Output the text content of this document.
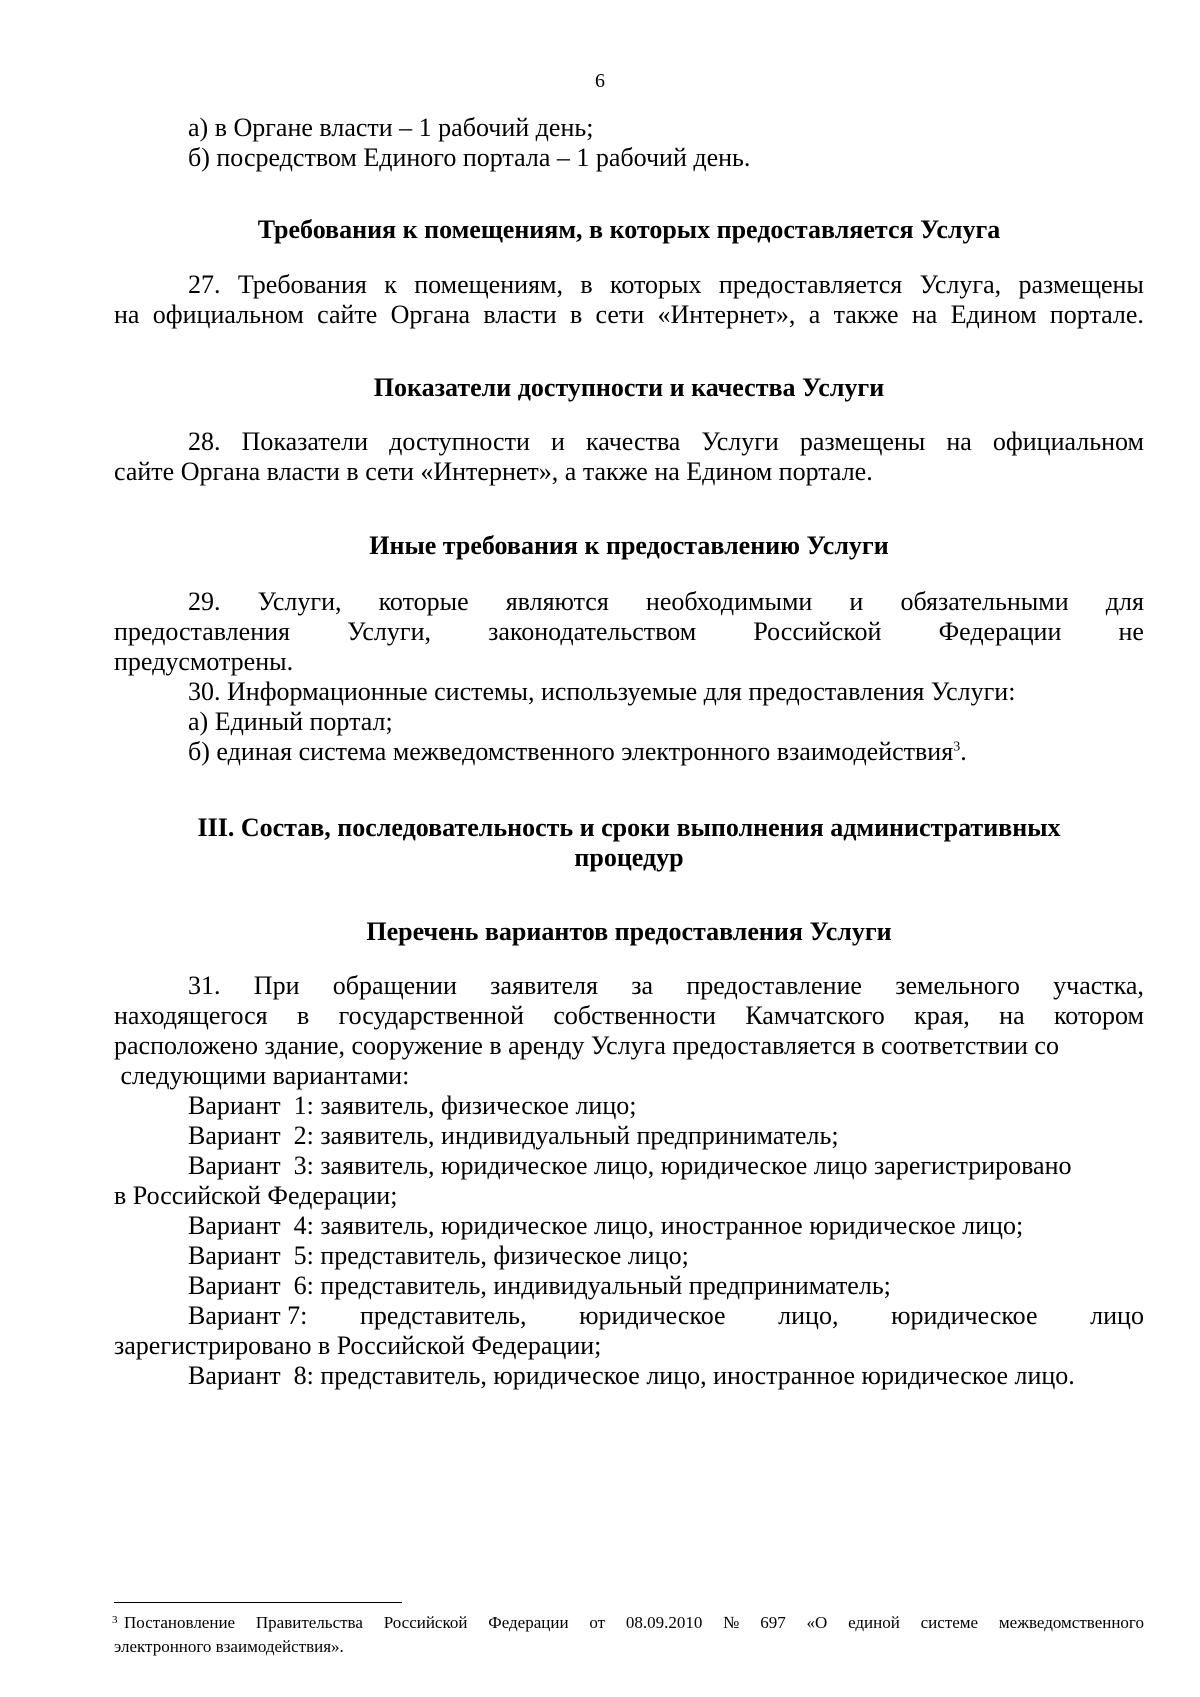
6
а) в Органе власти – 1 рабочий день;
б) посредством Единого портала – 1 рабочий день.
Требования к помещениям, в которых предоставляется Услуга
27. Требования к помещениям, в которых предоставляется Услуга, размещены
на официальном сайте Органа власти в сети «Интернет», а также на Едином портале.
Показатели доступности и качества Услуги
28. Показатели доступности и качества Услуги размещены на официальном
сайте Органа власти в сети «Интернет», а также на Едином портале.
Иные требования к предоставлению Услуги
29. Услуги, которые являются необходимыми и обязательными для
предоставления Услуги, законодательством Российской Федерации не
предусмотрены.
30. Информационные системы, используемые для предоставления Услуги:
а) Единый портал;
б) единая система межведомственного электронного взаимодействия$^3$.
III. Состав, последовательность и сроки выполнения административных
процедур
Перечень вариантов предоставления Услуги
31. При обращении заявителя за предоставление земельного участка,
находящегося в государственной собственности Камчатского края, на котором
расположено здание, сооружение в аренду Услуга предоставляется в соответствии со
следующими вариантами:
Вариант  1: заявитель, физическое лицо;
Вариант  2: заявитель, индивидуальный предприниматель;
Вариант  3: заявитель, юридическое лицо, юридическое лицо зарегистрировано
в Российской Федерации;
Вариант  4: заявитель, юридическое лицо, иностранное юридическое лицо;
Вариант  5: представитель, физическое лицо;
Вариант  6: представитель, индивидуальный предприниматель;
Вариант 7: представитель, юридическое лицо, юридическое лицо
зарегистрировано в Российской Федерации;
Вариант  8: представитель, юридическое лицо, иностранное юридическое лицо.
Постановление Правительства Российской Федерации от 08.09.2010 № 697 «О единой системе межведомственного
электронного взаимодействия».
3
